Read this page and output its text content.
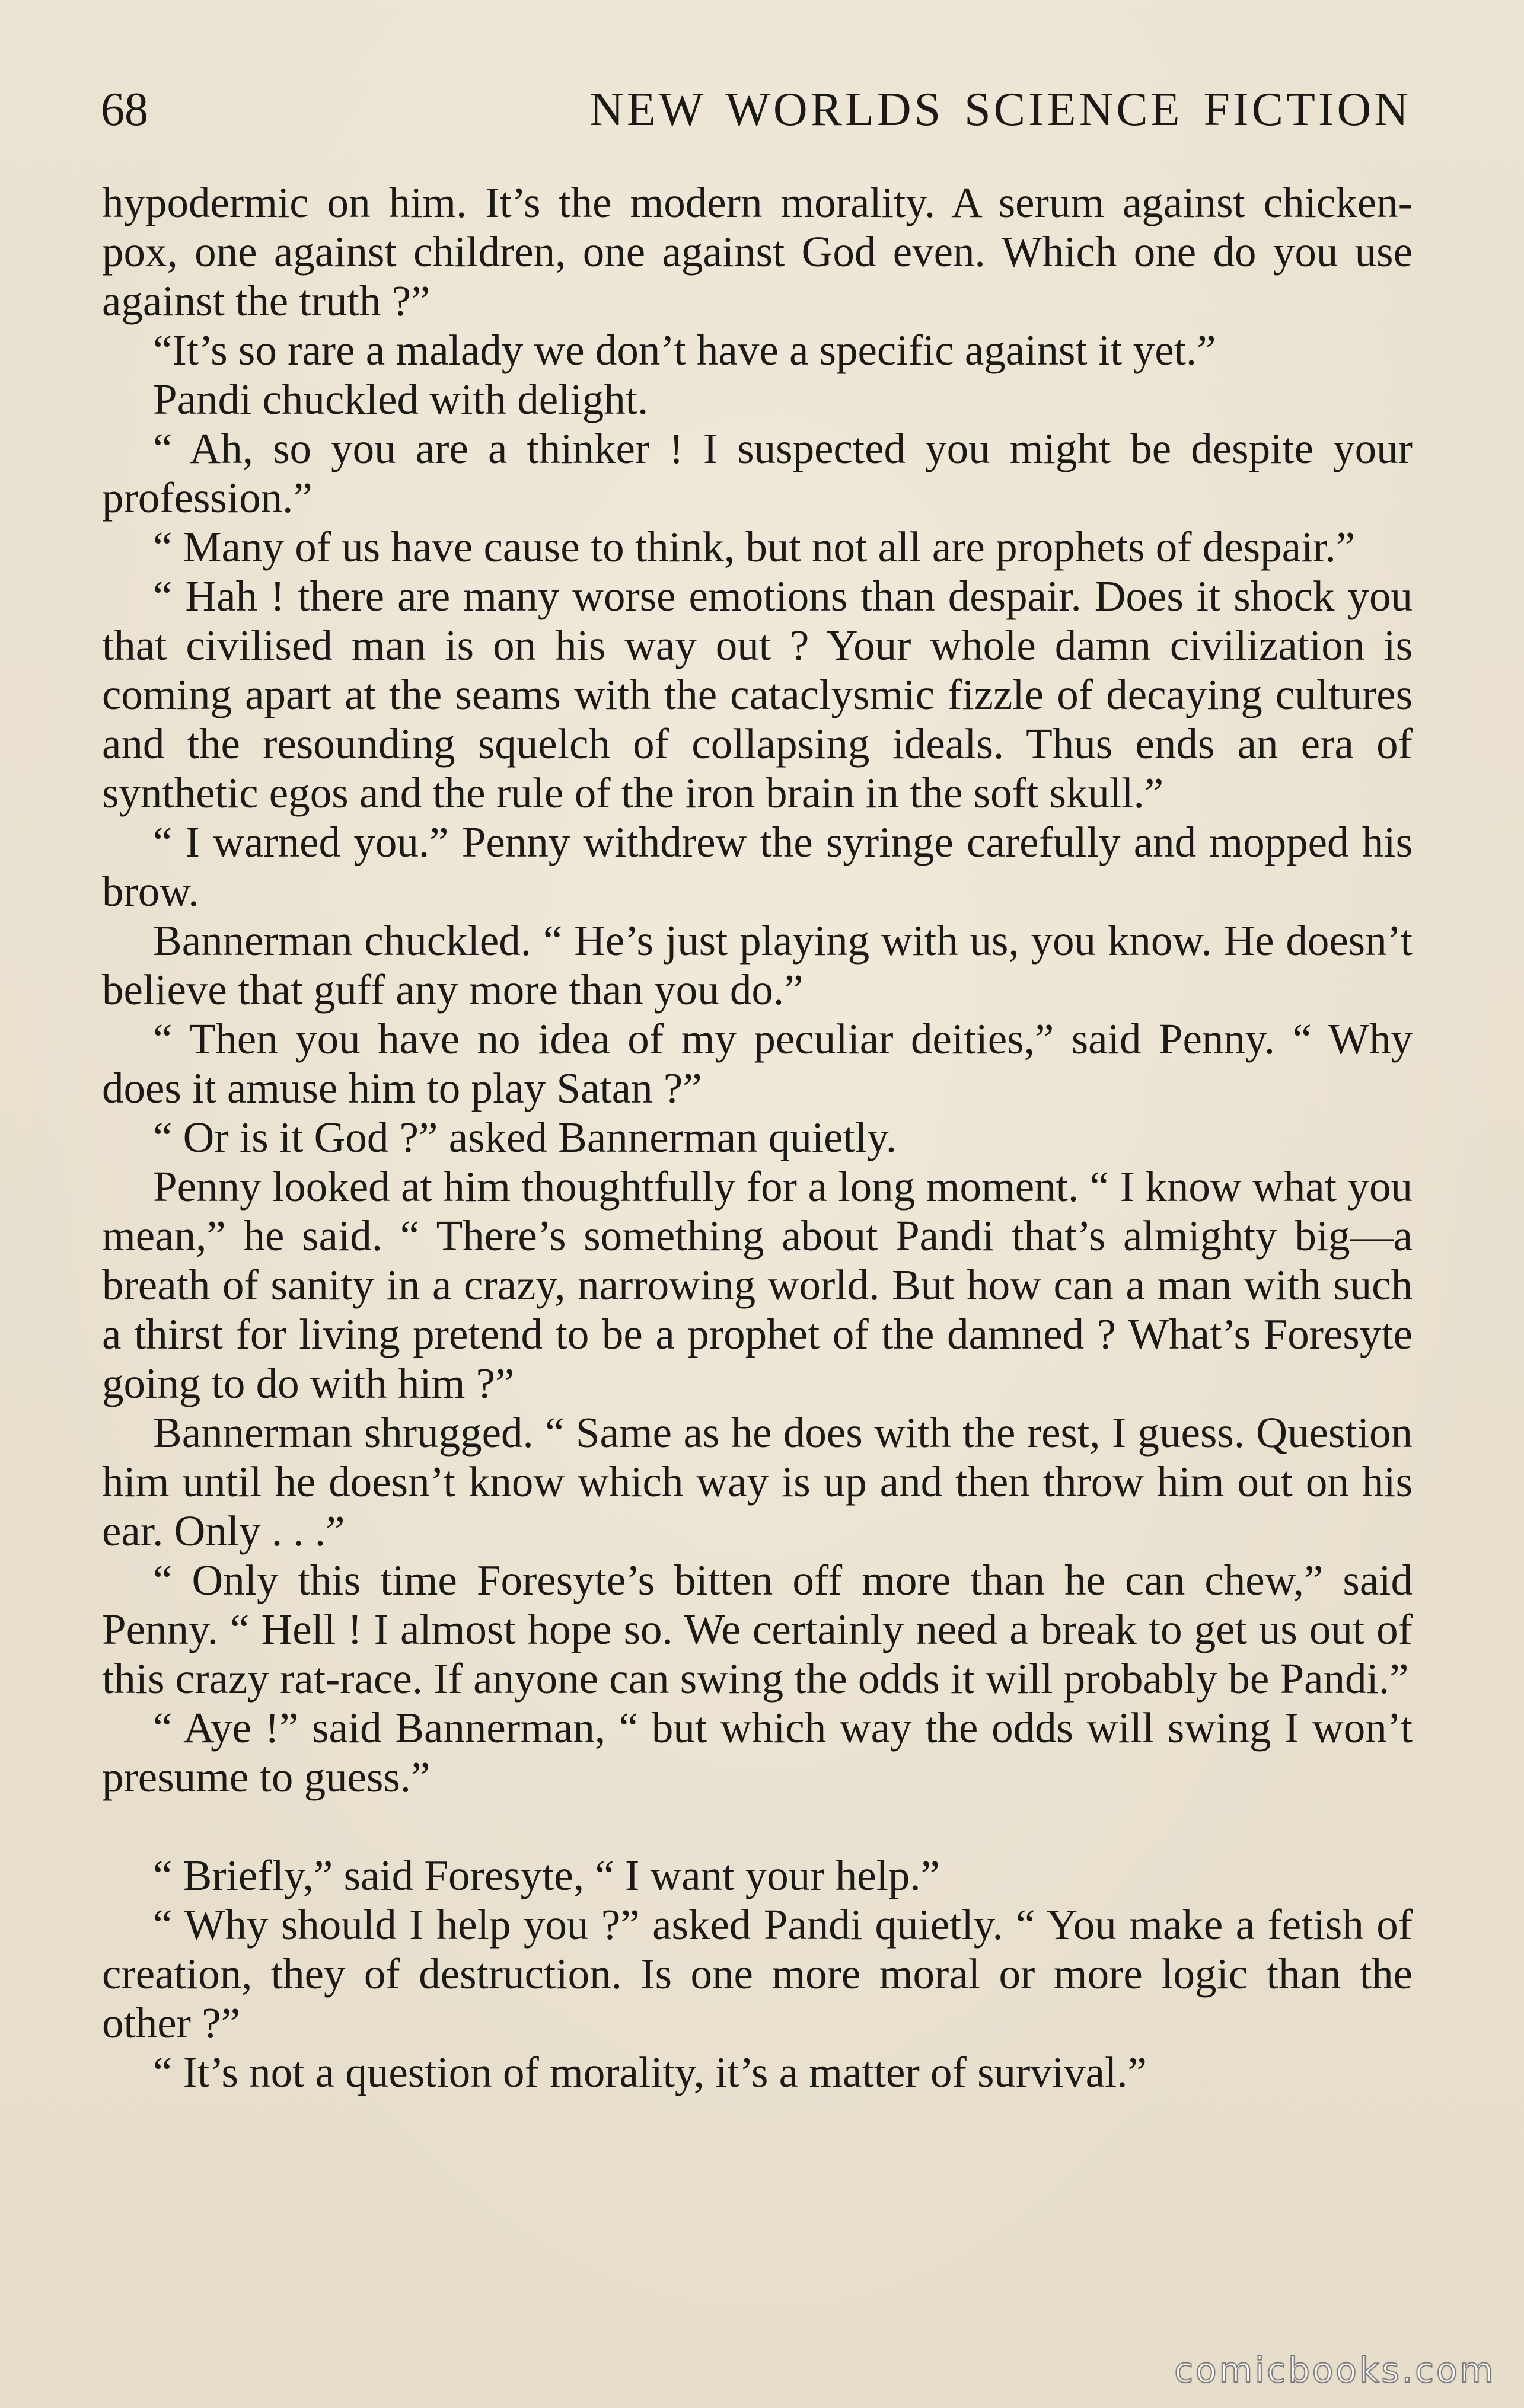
68	NEW WORLDS SCIENCE FICTION

hypodermic on him. It’s the modern morality. A serum against chicken-pox, one against children, one against God even. Which one do you use against the truth ?”

“It’s so rare a malady we don’t have a specific against it yet.”

Pandi chuckled with delight.

“ Ah, so you are a thinker ! I suspected you might be despite your profession.”

“ Many of us have cause to think, but not all are prophets of despair.”

“ Hah ! there are many worse emotions than despair. Does it shock you that civilised man is on his way out ? Your whole damn civilization is coming apart at the seams with the cataclysmic fizzle of decaying cultures and the resounding squelch of collapsing ideals. Thus ends an era of synthetic egos and the rule of the iron brain in the soft skull.”

“ I warned you.” Penny withdrew the syringe carefully and mopped his brow.

Bannerman chuckled. “ He’s just playing with us, you know. He doesn’t believe that guff any more than you do.”

“ Then you have no idea of my peculiar deities,” said Penny. “ Why does it amuse him to play Satan ?”

“ Or is it God ?” asked Bannerman quietly.

Penny looked at him thoughtfully for a long moment. “ I know what you mean,” he said. “ There’s something about Pandi that’s almighty big—a breath of sanity in a crazy, narrowing world. But how can a man with such a thirst for living pretend to be a prophet of the damned ? What’s Foresyte going to do with him ?”

Bannerman shrugged. “ Same as he does with the rest, I guess. Question him until he doesn’t know which way is up and then throw him out on his ear. Only . . .”

“ Only this time Foresyte’s bitten off more than he can chew,” said Penny. “ Hell ! I almost hope so. We certainly need a break to get us out of this crazy rat-race. If anyone can swing the odds it will probably be Pandi.”

“ Aye !” said Bannerman, “ but which way the odds will swing I won’t presume to guess.”

“ Briefly,” said Foresyte, “ I want your help.”

“ Why should I help you ?” asked Pandi quietly. “ You make a fetish of creation, they of destruction. Is one more moral or more logic than the other ?”

“ It’s not a question of morality, it’s a matter of survival.”

comicbooks.com
